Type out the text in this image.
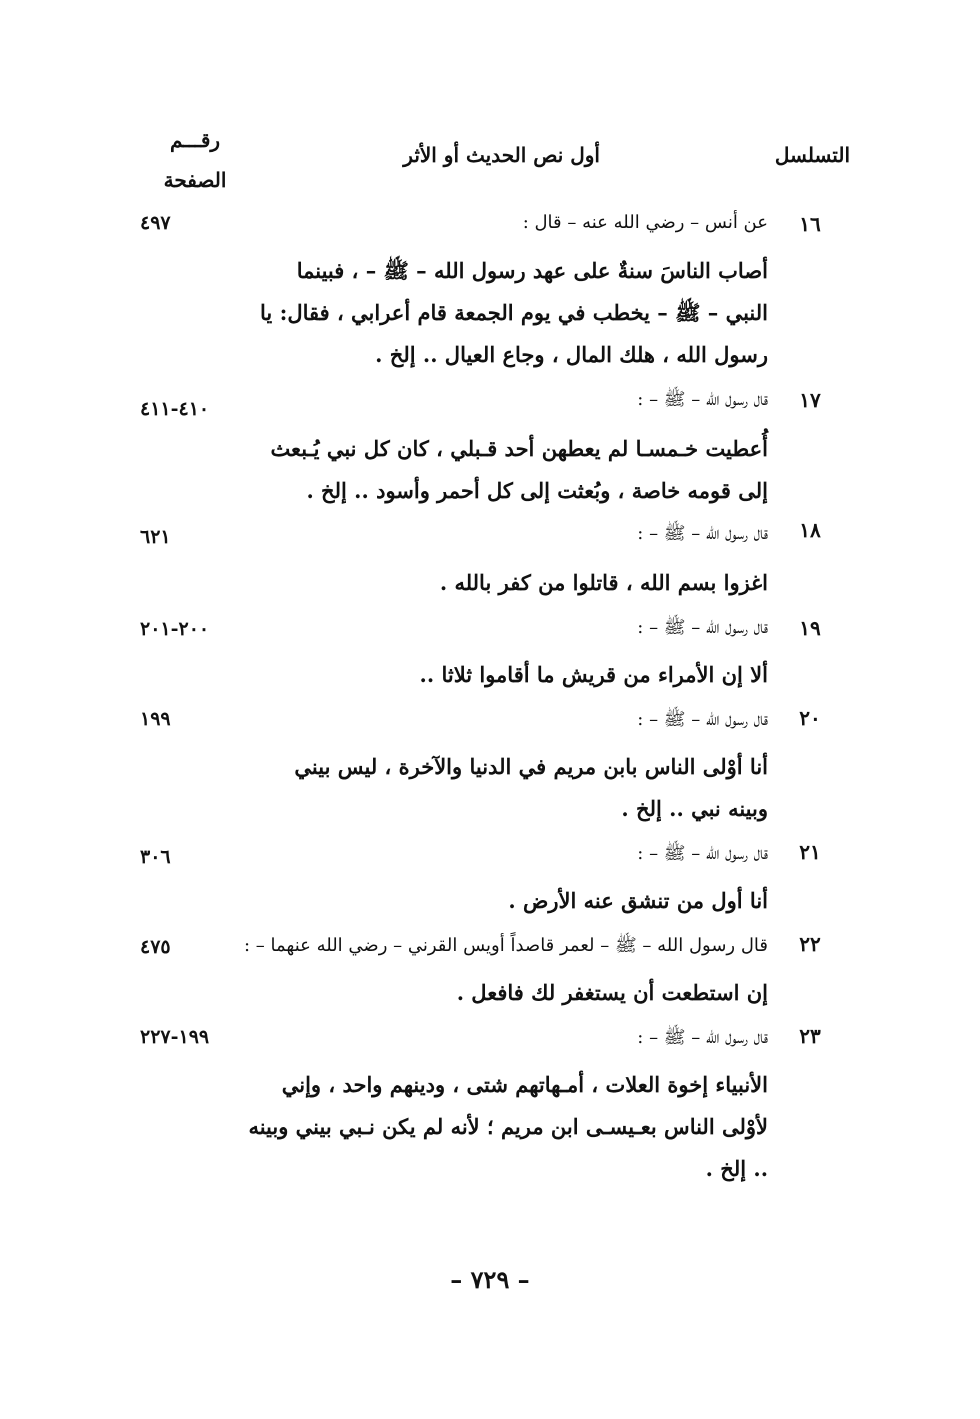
التسلسل
أول نص الحديث أو الأثر
رقـــم
الصفحة
١٦
عن أنس – رضي الله عنه – قال :
٤٩٧
أصاب الناسَ سنةٌ على عهد رسول الله – ﷺ – ، فبينما النبي – ﷺ – يخطب في يوم الجمعة قام أعرابي ، فقال: يا رسول الله ، هلك المال ، وجاع العيال .. إلخ .
١٧
قال رسول الله – ﷺ – :
٤١٠-٤١١
أُعطيت خـمسـا لم يعطهن أحد قـبلي ، كان كل نبي يُـبعث إلى قومه خاصة ، وبُعثت إلى كل أحمر وأسود .. إلخ .
١٨
قال رسول الله – ﷺ – :
٦٢١
اغزوا بسم الله ، قاتلوا من كفر بالله .
١٩
قال رسول الله – ﷺ – :
٢٠٠-٢٠١
ألا إن الأمراء من قريش ما أقاموا ثلاثا ..
٢٠
قال رسول الله – ﷺ – :
١٩٩
أنا أوْلى الناس بابن مريم في الدنيا والآخرة ، ليس بيني وبينه نبي .. إلخ .
٢١
قال رسول الله – ﷺ – :
٣٠٦
أنا أول من تنشق عنه الأرض .
٢٢
قال رسول الله – ﷺ – لعمر قاصداً أويس القرني – رضي الله عنهما – :
٤٧٥
إن استطعت أن يستغفر لك فافعل .
٢٣
قال رسول الله – ﷺ – :
١٩٩-٢٢٧
الأنبياء إخوة العلات ، أمـهاتهم شتى ، ودينهم واحد ، وإني لأوْلى الناس بعـيسـى ابن مريم ؛ لأنه لم يكن نـبي بيني وبينه .. إلخ .
– ٧٢٩ –
